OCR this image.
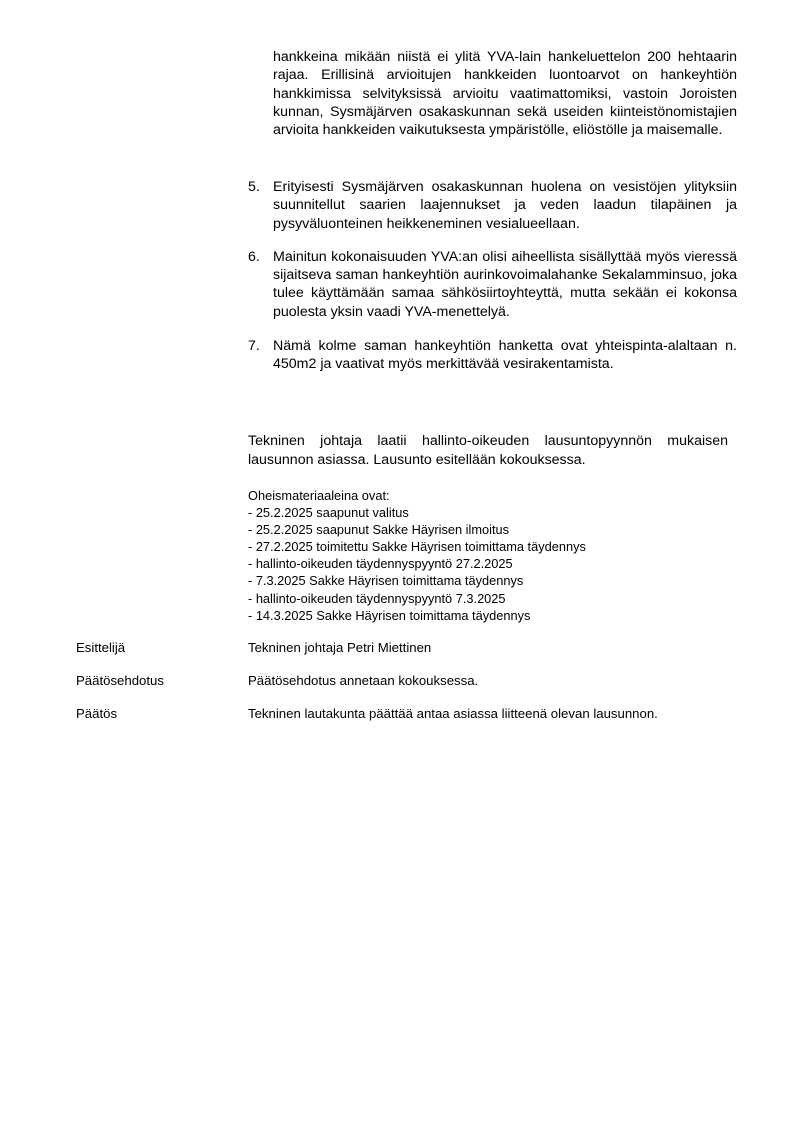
hankkeina mikään niistä ei ylitä YVA-lain hankeluettelon 200 hehtaarin rajaa. Erillisinä arvioitujen hankkeiden luontoarvot on hankeyhtiön hankkimissa selvityksissä arvioitu vaatimattomiksi, vastoin Joroisten kunnan, Sysmäjärven osakaskunnan sekä useiden kiinteistönomistajien arvioita hankkeiden vaikutuksesta ympäristölle, eliöstölle ja maisemalle.

5. Erityisesti Sysmäjärven osakaskunnan huolena on vesistöjen ylityksiin suunnitellut saarien laajennukset ja veden laadun tilapäinen ja pysyväluonteinen heikkeneminen vesialueellaan.
6. Mainitun kokonaisuuden YVA:an olisi aiheellista sisällyttää myös vieressä sijaitseva saman hankeyhtiön aurinkovoimalahanke Sekalamminsuo, joka tulee käyttämään samaa sähkösiirtoyhteyttä, mutta sekään ei kokonsa puolesta yksin vaadi YVA-menettelyä.
7. Nämä kolme saman hankeyhtiön hanketta ovat yhteispinta-alaltaan n. 450m2 ja vaativat myös merkittävää vesirakentamista.

Tekninen johtaja laatii hallinto-oikeuden lausuntopyynnön mukaisen lausunnon asiassa. Lausunto esitellään kokouksessa.

Oheismateriaaleina ovat:
- 25.2.2025 saapunut valitus
- 25.2.2025 saapunut Sakke Häyrisen ilmoitus
- 27.2.2025 toimitettu Sakke Häyrisen toimittama täydennys
- hallinto-oikeuden täydennyspyyntö 27.2.2025
- 7.3.2025 Sakke Häyrisen toimittama täydennys
- hallinto-oikeuden täydennyspyyntö 7.3.2025
- 14.3.2025 Sakke Häyrisen toimittama täydennys
Esittelijä	Tekninen johtaja Petri Miettinen
Päätösehdotus	Päätösehdotus annetaan kokouksessa.
Päätös	Tekninen lautakunta päättää antaa asiassa liitteenä olevan lausunnon.
